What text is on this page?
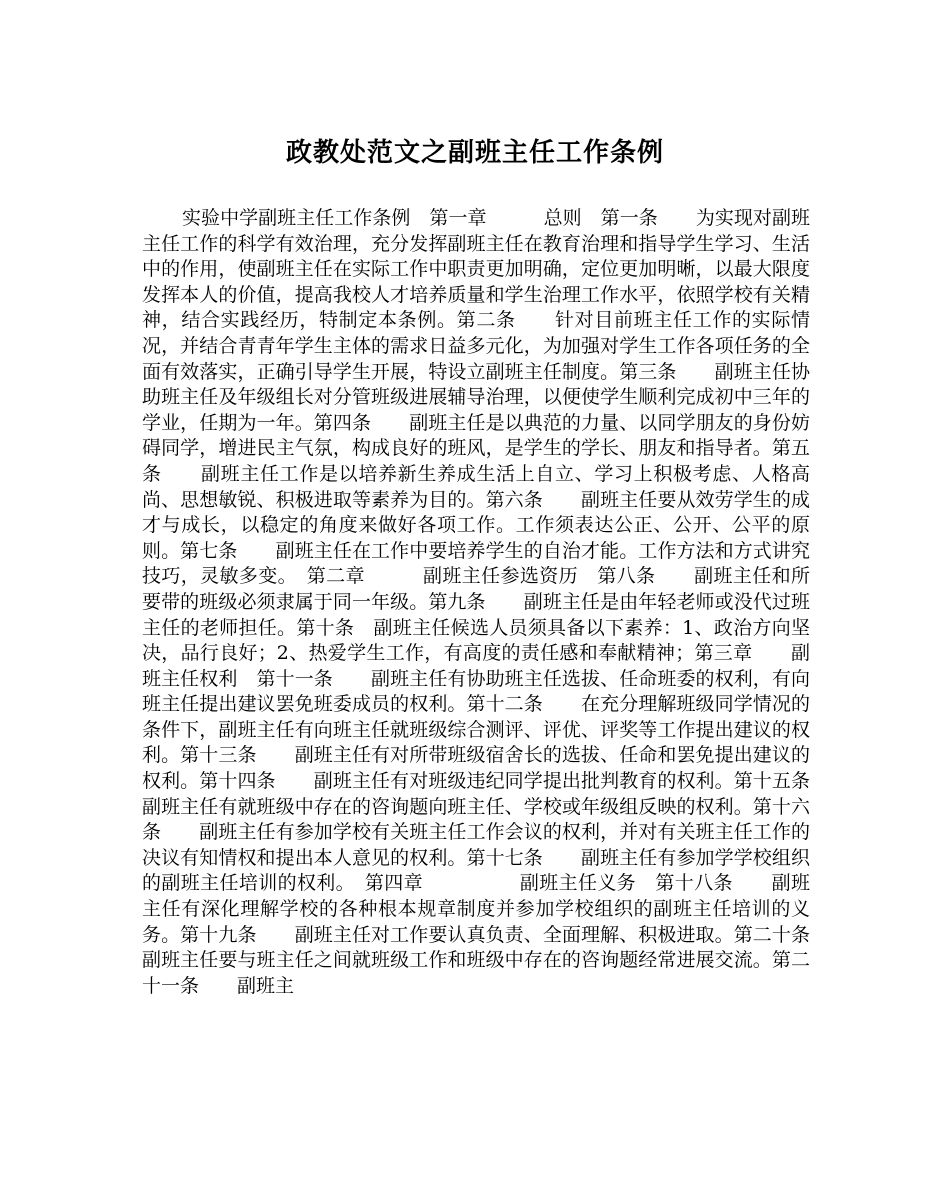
政教处范文之副班主任工作条例

实验中学副班主任工作条例　第一章　　　总则　第一条　　为实现对副班主任工作的科学有效治理，充分发挥副班主任在教育治理和指导学生学习、生活中的作用，使副班主任在实际工作中职责更加明确，定位更加明晰，以最大限度发挥本人的价值，提高我校人才培养质量和学生治理工作水平，依照学校有关精神，结合实践经历，特制定本条例。第二条　　针对目前班主任工作的实际情况，并结合青青年学生主体的需求日益多元化，为加强对学生工作各项任务的全面有效落实，正确引导学生开展，特设立副班主任制度。第三条　　副班主任协助班主任及年级组长对分管班级进展辅导治理，以便使学生顺利完成初中三年的学业，任期为一年。第四条　　副班主任是以典范的力量、以同学朋友的身份妨碍同学，增进民主气氛，构成良好的班风，是学生的学长、朋友和指导者。第五条　　副班主任工作是以培养新生养成生活上自立、学习上积极考虑、人格高尚、思想敏锐、积极进取等素养为目的。第六条　　副班主任要从效劳学生的成才与成长，以稳定的角度来做好各项工作。工作须表达公正、公开、公平的原则。第七条　　副班主任在工作中要培养学生的自治才能。工作方法和方式讲究技巧，灵敏多变。　第二章　　　副班主任参选资历　第八条　　副班主任和所要带的班级必须隶属于同一年级。第九条　　副班主任是由年轻老师或没代过班主任的老师担任。第十条　副班主任候选人员须具备以下素养：1、政治方向坚决，品行良好；2、热爱学生工作，有高度的责任感和奉献精神；第三章　　副班主任权利　第十一条　　副班主任有协助班主任选拔、任命班委的权利，有向班主任提出建议罢免班委成员的权利。第十二条　　在充分理解班级同学情况的条件下，副班主任有向班主任就班级综合测评、评优、评奖等工作提出建议的权利。第十三条　　副班主任有对所带班级宿舍长的选拔、任命和罢免提出建议的权利。第十四条　　副班主任有对班级违纪同学提出批判教育的权利。第十五条　　副班主任有就班级中存在的咨询题向班主任、学校或年级组反映的权利。第十六条　　副班主任有参加学校有关班主任工作会议的权利，并对有关班主任工作的决议有知情权和提出本人意见的权利。第十七条　　副班主任有参加学学校组织的副班主任培训的权利。　第四章　　　　　副班主任义务　第十八条　　副班主任有深化理解学校的各种根本规章制度并参加学校组织的副班主任培训的义务。第十九条　　副班主任对工作要认真负责、全面理解、积极进取。第二十条　　副班主任要与班主任之间就班级工作和班级中存在的咨询题经常进展交流。第二十一条　　副班主
